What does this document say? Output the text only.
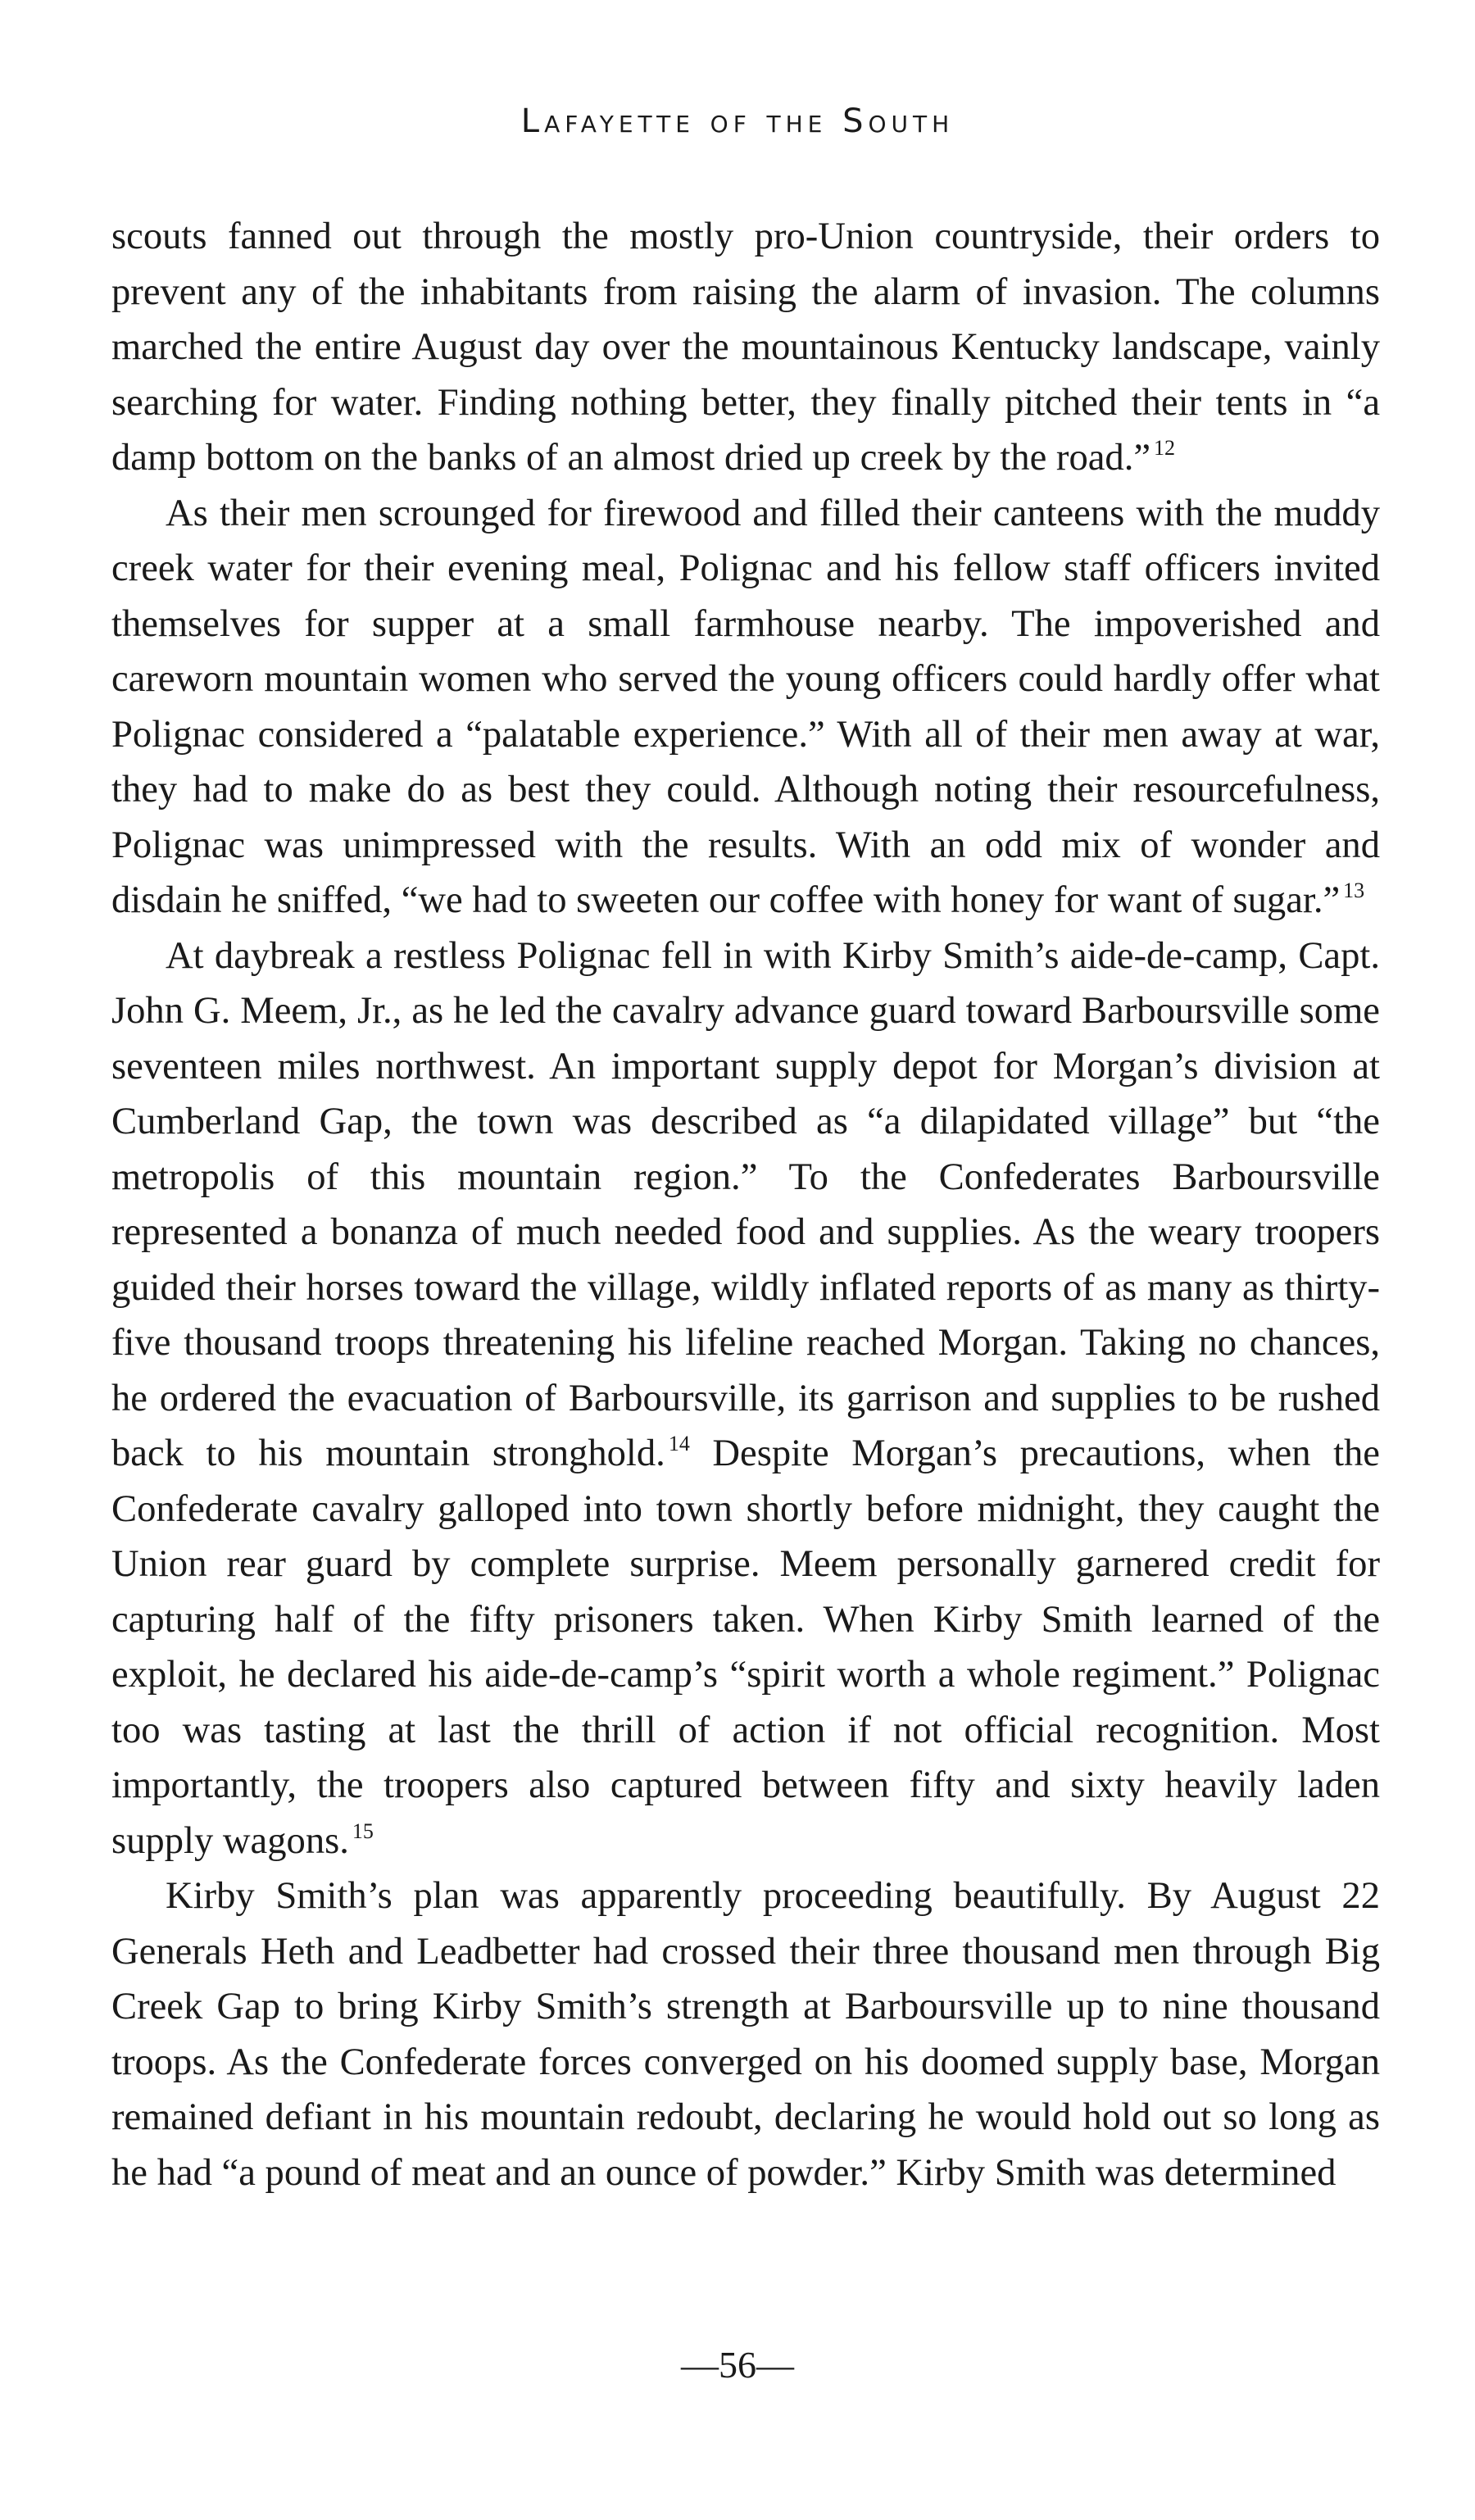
Lafayette of the South

scouts fanned out through the mostly pro-Union countryside, their orders to prevent any of the inhabitants from raising the alarm of invasion. The columns marched the entire August day over the mountainous Kentucky landscape, vainly searching for water. Finding nothing better, they finally pitched their tents in “a damp bottom on the banks of an almost dried up creek by the road.” $^{12}$

As their men scrounged for firewood and filled their canteens with the muddy creek water for their evening meal, Polignac and his fellow staff officers invited themselves for supper at a small farmhouse nearby. The impoverished and careworn mountain women who served the young officers could hardly offer what Polignac considered a “palatable experience.” With all of their men away at war, they had to make do as best they could. Although noting their resourcefulness, Polignac was unimpressed with the results. With an odd mix of wonder and disdain he sniffed, “we had to sweeten our coffee with honey for want of sugar.” $^{13}$

At daybreak a restless Polignac fell in with Kirby Smith’s aide-de-camp, Capt. John G. Meem, Jr., as he led the cavalry advance guard toward Barboursville some seventeen miles northwest. An important supply depot for Morgan’s division at Cumberland Gap, the town was described as “a dilapidated village” but “the metropolis of this mountain region.” To the Confederates Barboursville represented a bonanza of much needed food and supplies. As the weary troopers guided their horses toward the village, wildly inflated reports of as many as thirty-five thousand troops threatening his lifeline reached Morgan. Taking no chances, he ordered the evacuation of Barboursville, its garrison and supplies to be rushed back to his mountain stronghold. $^{14}$ Despite Morgan’s precautions, when the Confederate cavalry galloped into town shortly before midnight, they caught the Union rear guard by complete surprise. Meem personally garnered credit for capturing half of the fifty prisoners taken. When Kirby Smith learned of the exploit, he declared his aide-de-camp’s “spirit worth a whole regiment.” Polignac too was tasting at last the thrill of action if not official recognition. Most importantly, the troopers also captured between fifty and sixty heavily laden supply wagons. $^{15}$

Kirby Smith’s plan was apparently proceeding beautifully. By August 22 Generals Heth and Leadbetter had crossed their three thousand men through Big Creek Gap to bring Kirby Smith’s strength at Barboursville up to nine thousand troops. As the Confederate forces converged on his doomed supply base, Morgan remained defiant in his mountain redoubt, declaring he would hold out so long as he had “a pound of meat and an ounce of powder.” Kirby Smith was determined

—56—
